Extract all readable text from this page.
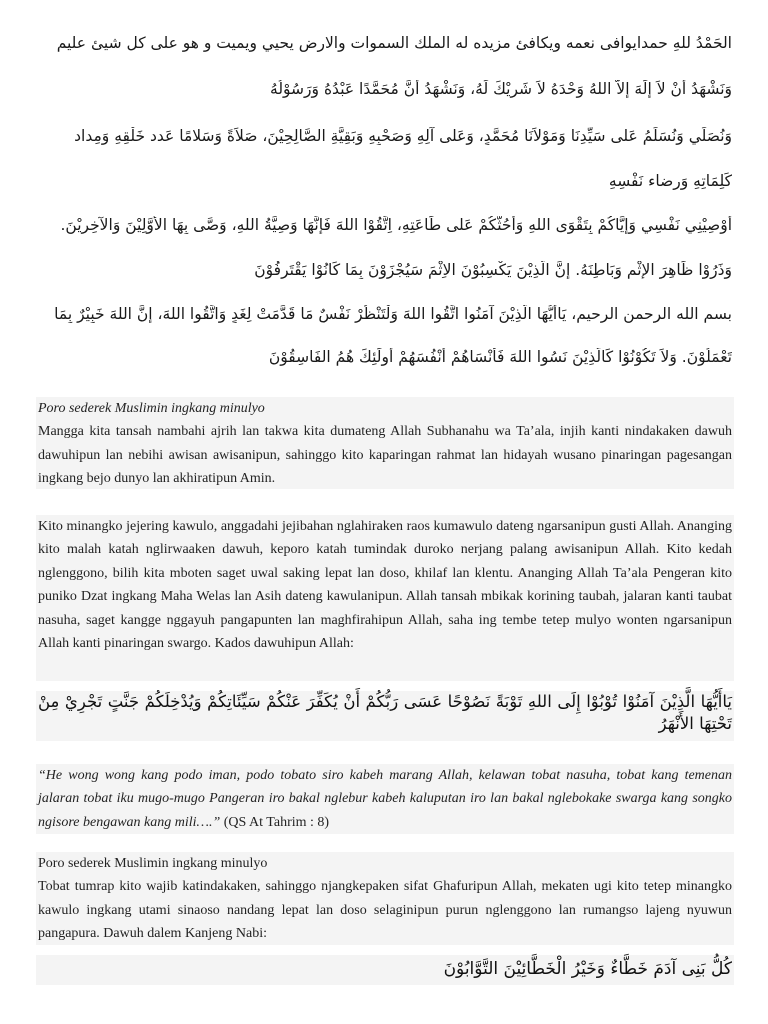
الحَمْدُ للهِ حمدايوافى نعمه ويكافئ مزيده له الملك السموات والارض يحيي ويميت و هو على كل شيئ عليم
وَنَشْهَدُ أَنْ لاَ إِلَهَ إِلاَّ اللهُ وَحْدَهُ لاَ شَرِيْكَ لَهُ، وَنَشْهَدُ أَنَّ مُحَمَّدًا عَبْدُهُ وَرَسُوْلُهُ
وَنُصَلِّي وَنُسَلِّمُ عَلى سَيِّدِنَا وَمَوْلاَنَا مُحَمَّدٍ، وَعَلى آلِهِ وَصَحْبِهِ وَبَقِيَّةِ الصَّالِحِيْنَ، صَلاَةً وَسَلامًا عَدد خَلْقِهِ وَمِداد
كَلِمَاتِهِ وَرِضاء نَفْسِهِ
أُوْصِيْنِي نَفْسِي وَإِيَّاكُمْ بِتَقْوَى اللهِ وَأَحُثُّكُمْ عَلى طَاعَتِهِ، اِتَّقُوْا اللهَ فَإِنَّهَا وَصِيَّةُ اللهِ، وَصَّى بِهَا الأَوَّلِيْنَ وَالآخِرِيْنَ.
وَذَرُوْا ظَاهِرَ الإِثْمِ وَبَاطِنَهُ. إِنَّ الَّذِيْنَ يَكْسِبُوْنَ الاِثْمَ سَيُجْزَوْنَ بِمَا كَانُوْا يَقْتَرِفُوْنَ
بسم الله الرحمن الرحيم، يَاأَيُّهَا الَّذِيْنَ آمَنُوا اتَّقُوا اللهَ وَلْتَنْظُرْ نَفْسٌ مَا قَدَّمَتْ لِغَدٍ وَاتَّقُوا اللهَ، إِنَّ اللهَ خَبِيْرٌ بِمَا
تَعْمَلُوْنَ. وَلاَ تَكُوْنُوْا كَالَّذِيْنَ نَسُوا اللهَ فَأَنْسَاهُمْ أَنْفُسَهُمْ أُولَئِكَ هُمُ الفَاسِقُوْنَ
Poro sederek Muslimin ingkang minulyo
Mangga kita tansah nambahi ajrih lan takwa kita dumateng Allah Subhanahu wa Ta’ala, injih kanti nindakaken dawuh dawuhipun lan nebihi awisan awisanipun, sahinggo kito kaparingan rahmat lan hidayah wusano pinaringan pagesangan ingkang bejo dunyo lan akhiratipun Amin.
Kito minangko jejering kawulo, anggadahi jejibahan nglahiraken raos kumawulo dateng ngarsanipun gusti Allah. Ananging kito malah katah nglirwaaken dawuh, keporo katah tumindak duroko nerjang palang awisanipun Allah. Kito kedah nglenggono, bilih kita mboten saget uwal saking lepat lan doso, khilaf lan klentu. Ananging Allah Ta’ala Pengeran kito puniko Dzat ingkang Maha Welas lan Asih dateng kawulanipun. Allah tansah mbikak korining taubah, jalaran kanti taubat nasuha, saget kangge nggayuh pangapunten lan maghfirahipun Allah, saha ing tembe tetep mulyo wonten ngarsanipun Allah kanti pinaringan swargo. Kados dawuhipun Allah:
يَاأَيُّهَا الَّذِيْنَ آمَنُوْا تُوْبُوْا إِلَى اللهِ تَوْبَةً نَصُوْحًا عَسَى رَبُّكُمْ أَنْ يُكَفِّرَ عَنْكُمْ سَيِّئَاتِكُمْ وَيُدْخِلَكُمْ جَنَّتٍ تَجْرِيْ مِنْ تَحْتِهَا الأَنْهَرُ
“He wong wong kang podo iman, podo tobato siro kabeh marang Allah, kelawan tobat nasuha, tobat kang temenan jalaran tobat iku mugo-mugo Pangeran iro bakal nglebur kabeh kaluputan iro lan bakal nglebokake swarga kang songko ngisore bengawan kang mili….” (QS At Tahrim : 8)
Poro sederek Muslimin ingkang minulyo
Tobat tumrap kito wajib katindakaken, sahinggo njangkepaken sifat Ghafuripun Allah, mekaten ugi kito tetep minangko kawulo ingkang utami sinaoso nandang lepat lan doso selaginipun purun nglenggono lan rumangso lajeng nyuwun pangapura. Dawuh dalem Kanjeng Nabi:
كُلُّ بَنِى آدَمَ خَطَّاءٌ وَخَيْرُ الْخَطَّائِيْنَ التَّوَّابُوْنَ
